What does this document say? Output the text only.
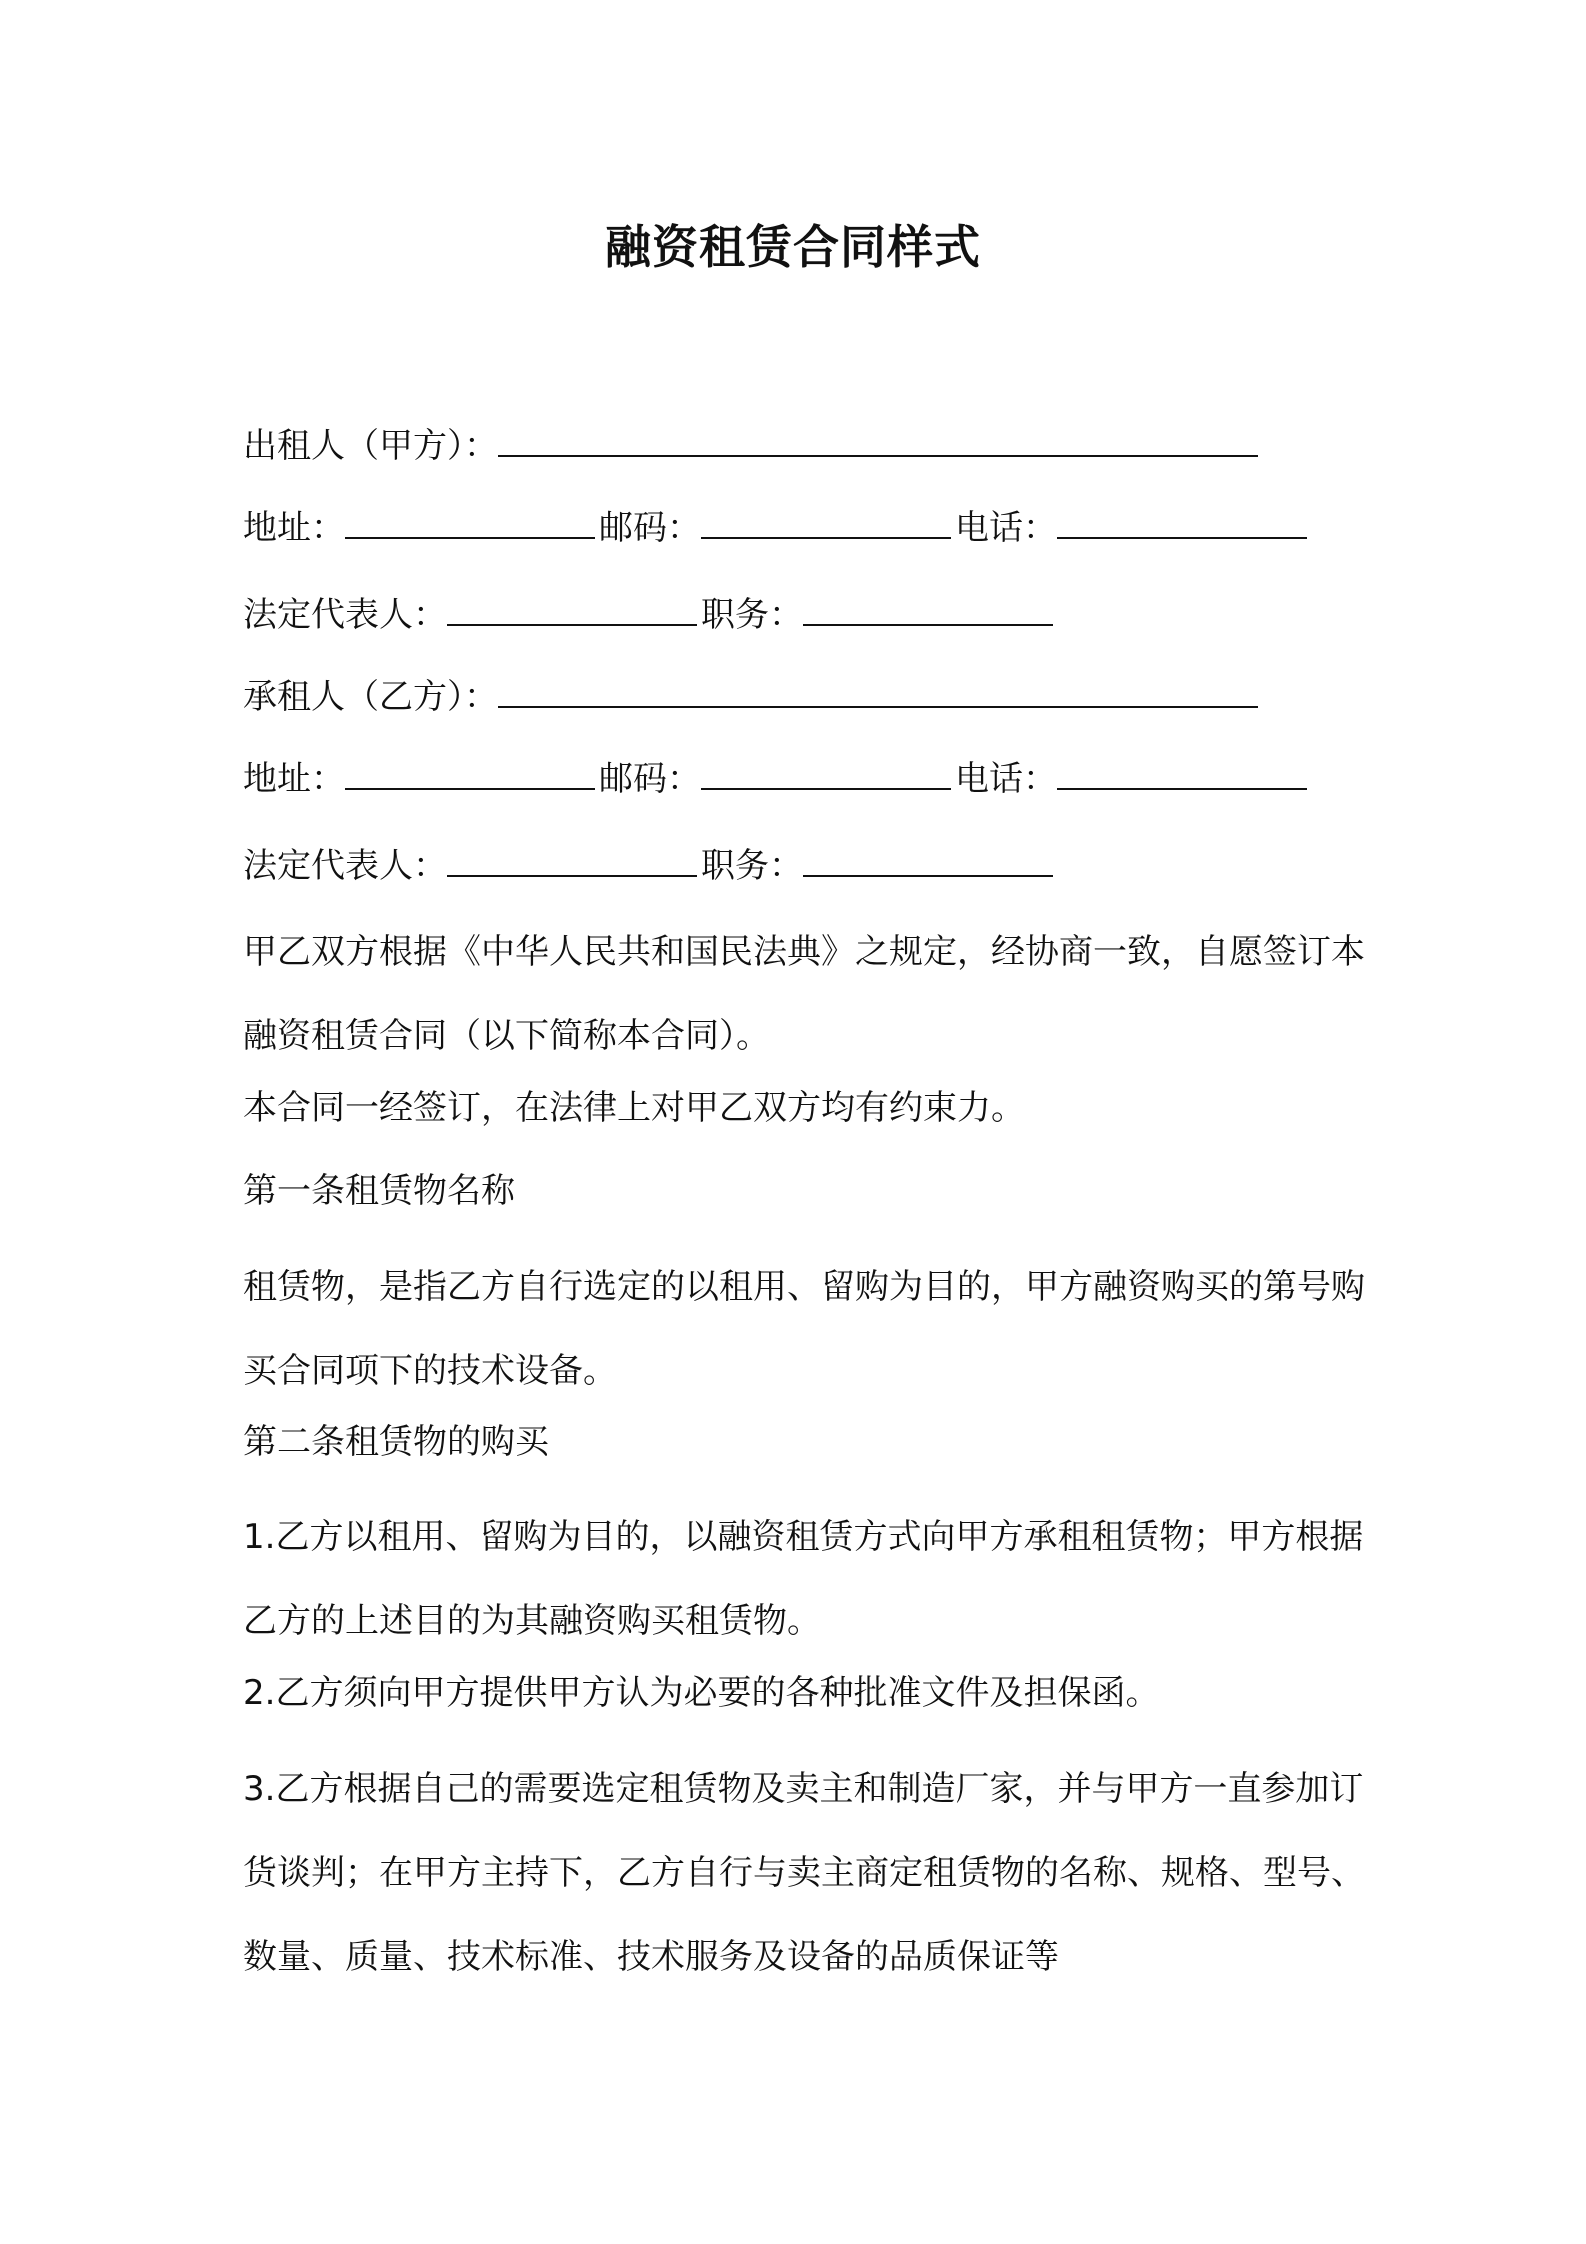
融资租赁合同样式
出租人（甲方）：
地址：	邮码：	电话：
法定代表人：	职务：
承租人（乙方）：
地址：	邮码：	电话：
法定代表人：	职务：
甲乙双方根据《中华人民共和国民法典》之规定，经协商一致，自愿签订本融资租赁合同（以下简称本合同）。
本合同一经签订，在法律上对甲乙双方均有约束力。
第一条租赁物名称
租赁物，是指乙方自行选定的以租用、留购为目的，甲方融资购买的第号购买合同项下的技术设备。
第二条租赁物的购买
1.乙方以租用、留购为目的，以融资租赁方式向甲方承租租赁物；甲方根据乙方的上述目的为其融资购买租赁物。
2.乙方须向甲方提供甲方认为必要的各种批准文件及担保函。
3.乙方根据自己的需要选定租赁物及卖主和制造厂家，并与甲方一直参加订货谈判；在甲方主持下，乙方自行与卖主商定租赁物的名称、规格、型号、数量、质量、技术标准、技术服务及设备的品质保证等
